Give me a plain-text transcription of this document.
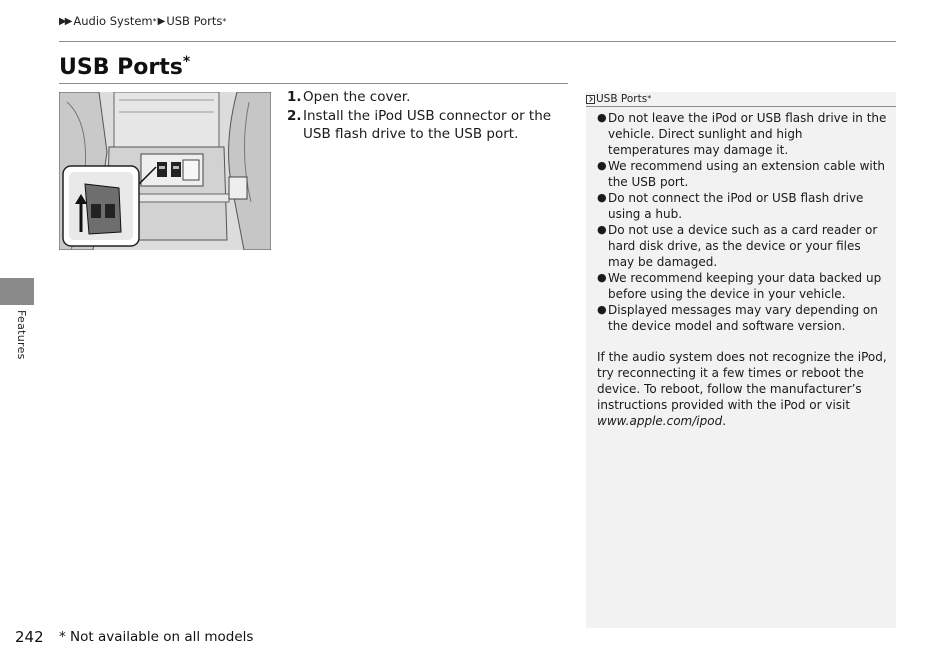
▶▶ Audio System * ▶ USB Ports *
USB Ports*
1. Open the cover.
2. Install the iPod USB connector or the USB flash drive to the USB port.
USB Ports *
● Do not leave the iPod or USB flash drive in the vehicle. Direct sunlight and high temperatures may damage it.
● We recommend using an extension cable with the USB port.
● Do not connect the iPod or USB flash drive using a hub.
● Do not use a device such as a card reader or hard disk drive, as the device or your files may be damaged.
● We recommend keeping your data backed up before using the device in your vehicle.
● Displayed messages may vary depending on the device model and software version.

If the audio system does not recognize the iPod, try reconnecting it a few times or reboot the device. To reboot, follow the manufacturer’s instructions provided with the iPod or visit www.apple.com/ipod.

Features
242 * Not available on all models
